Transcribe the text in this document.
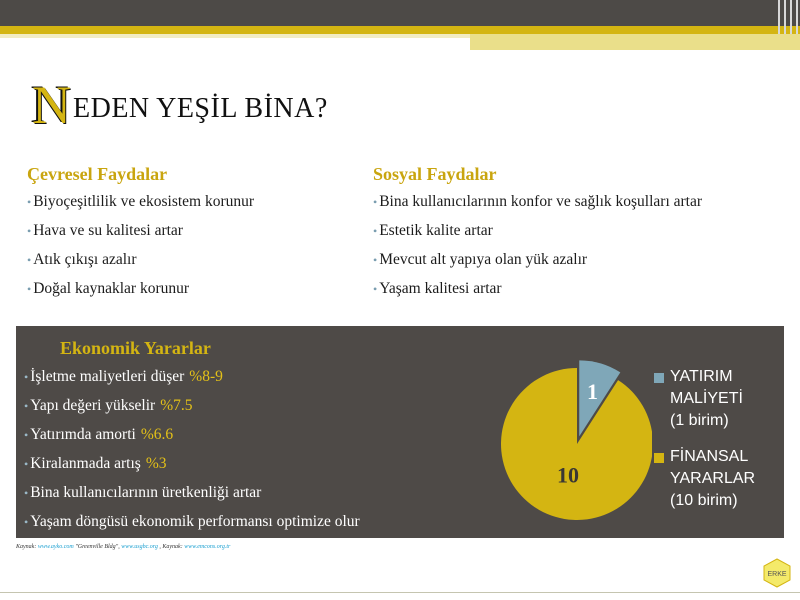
N EDEN YEŞİL BİNA?
Çevresel Faydalar
• Biyoçeşitlilik ve ekosistem korunur
• Hava ve su kalitesi artar
• Atık çıkışı azalır
• Doğal kaynaklar korunur
Sosyal Faydalar
• Bina kullanıcılarının konfor ve sağlık koşulları artar
• Estetik kalite artar
• Mevcut alt yapıya olan yük azalır
• Yaşam kalitesi artar
Ekonomik Yararlar
• İşletme maliyetleri düşer %8-9
• Yapı değeri yükselir %7.5
• Yatırımda amorti %6.6
• Kiralanmada artış %3
• Bina kullanıcılarının üretkenliği artar
• Yaşam döngüsü ekonomik performansı optimize olur
1
10
YATIRIM
MALİYETİ
(1 birim)
FİNANSAL
YARARLAR
(10 birim)
Kaynak: www.ayko.com "Greenville Bldg", www.usgbc.org , Kaynak: www.emcons.org.tr
ERKE
